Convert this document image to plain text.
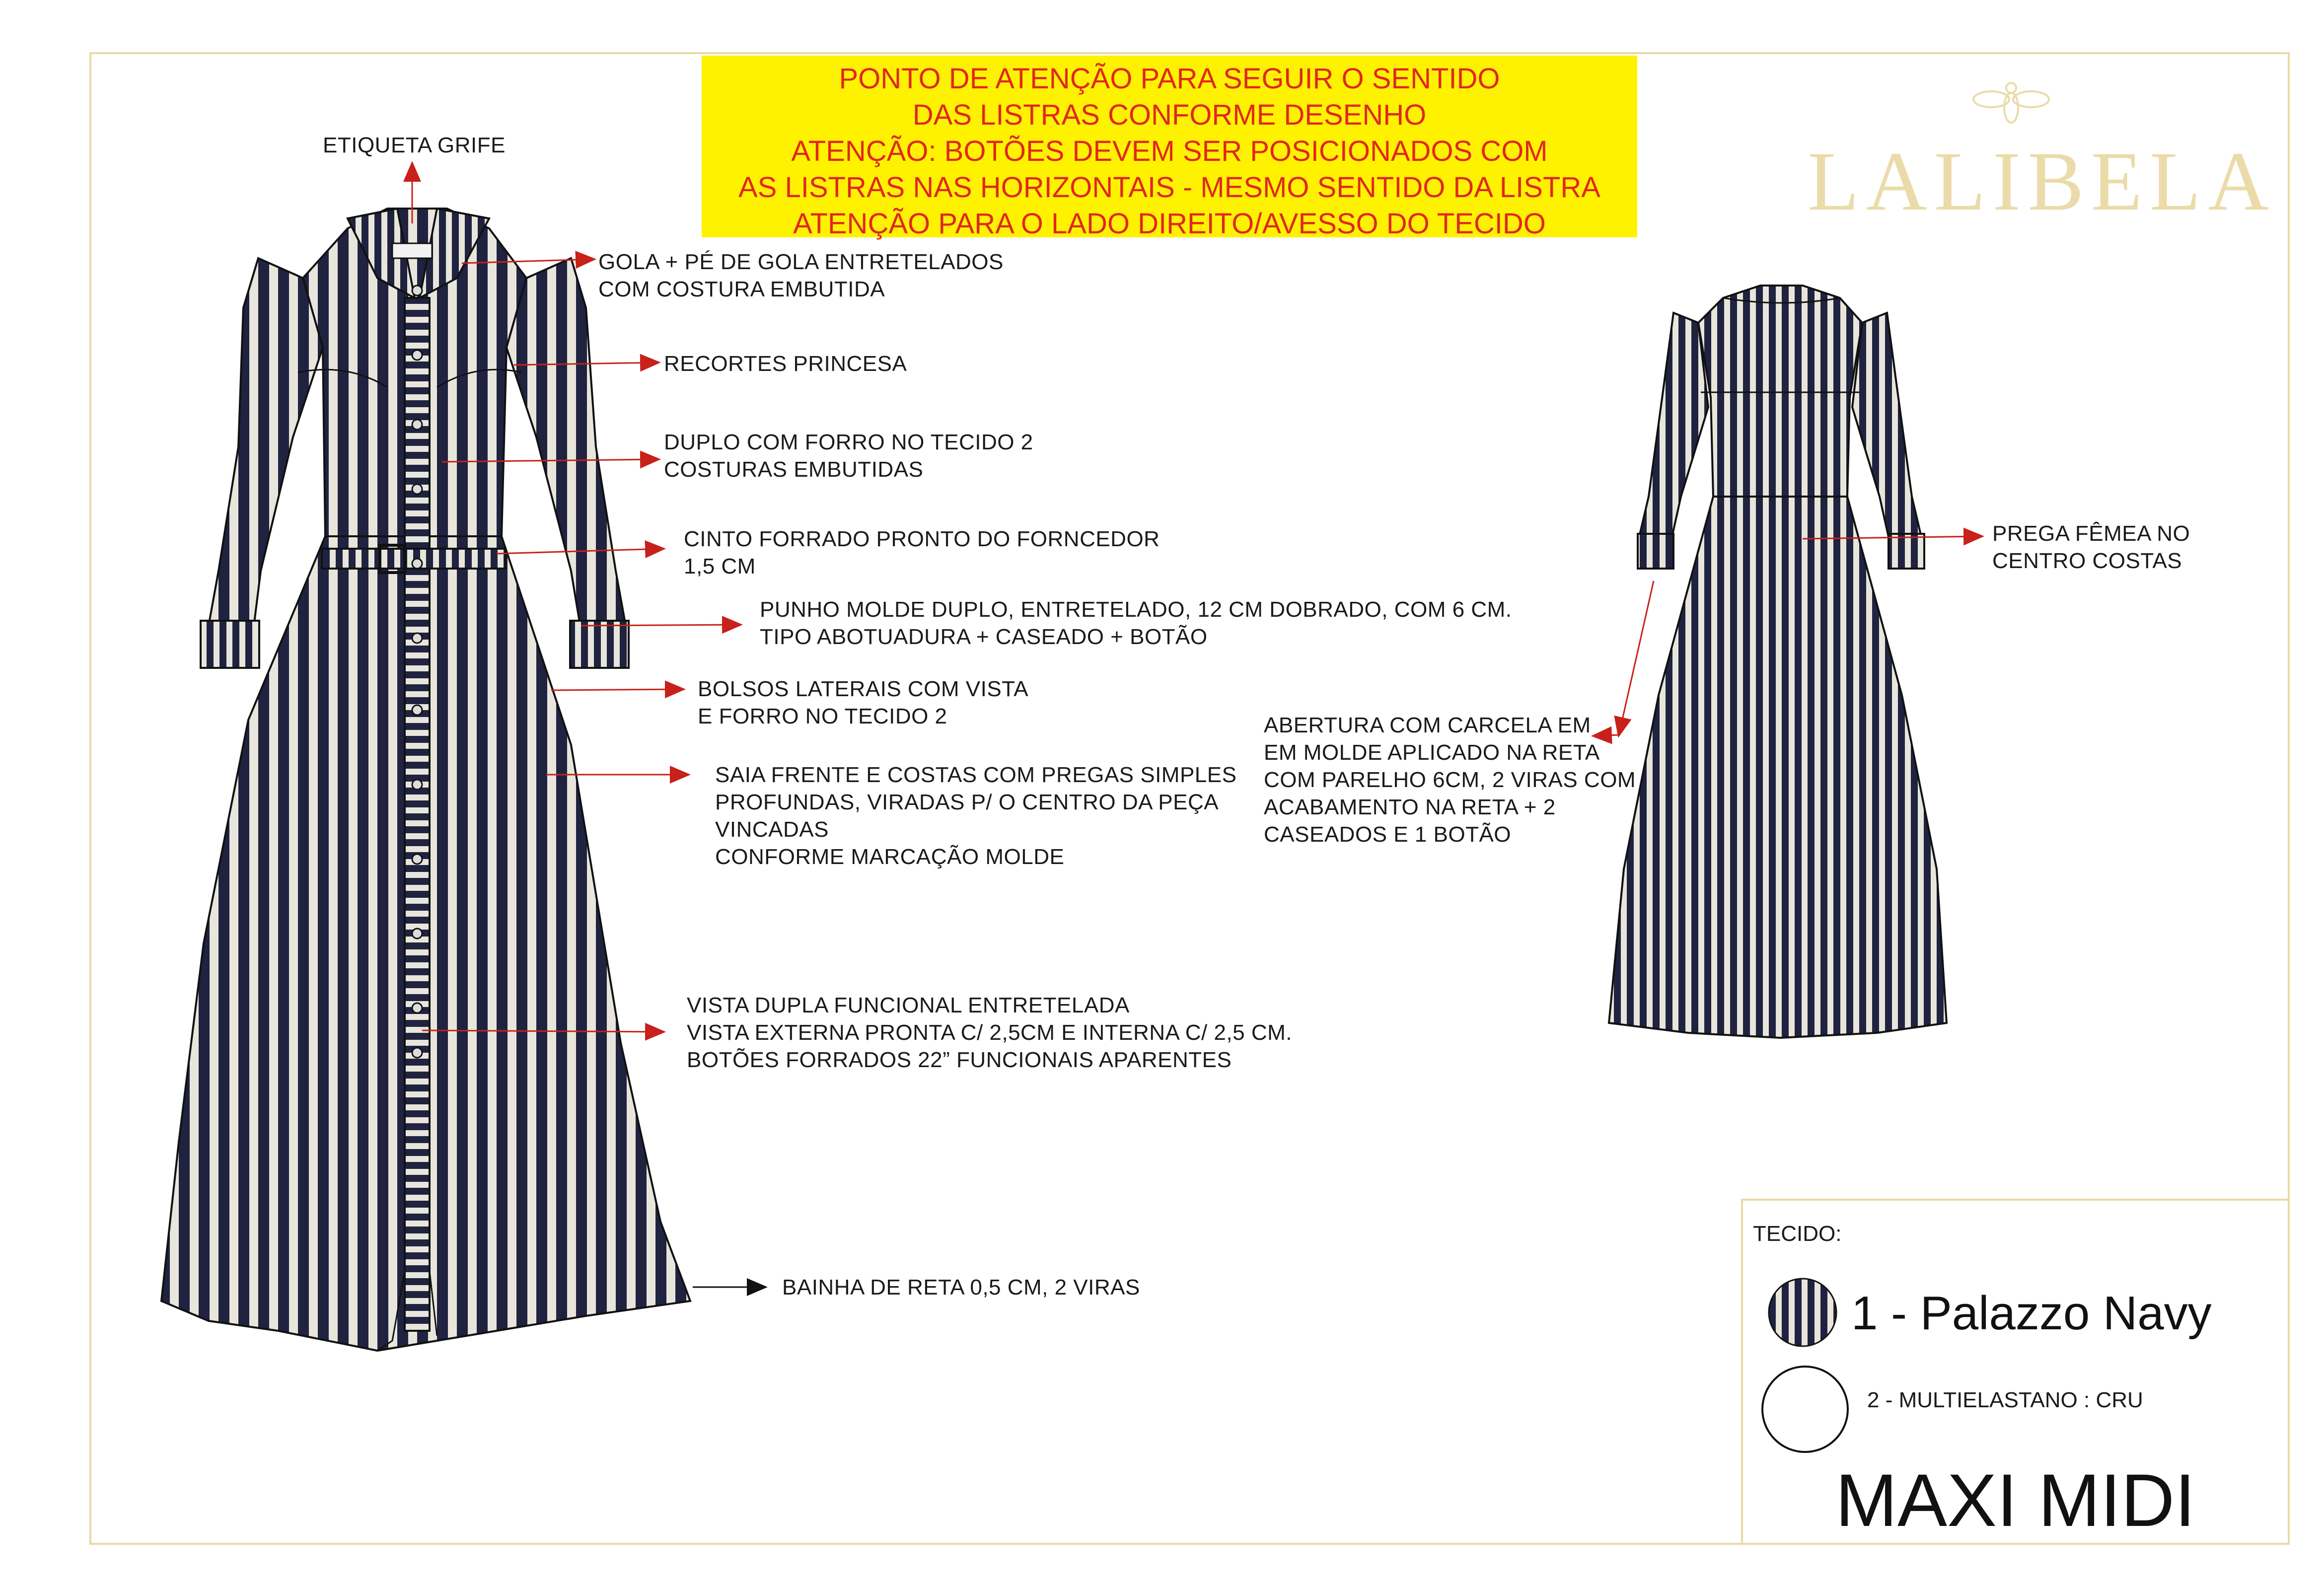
PONTO DE ATENÇÃO PARA SEGUIR O SENTIDO
DAS LISTRAS CONFORME DESENHO
ATENÇÃO: BOTÕES DEVEM SER POSICIONADOS COM
AS LISTRAS NAS HORIZONTAIS - MESMO SENTIDO DA LISTRA
ATENÇÃO PARA O LADO DIREITO/AVESSO DO TECIDO	LALIBELA
ETIQUETA GRIFE
GOLA + PÉ DE GOLA ENTRETELADOS
COM COSTURA EMBUTIDA
RECORTES PRINCESA
DUPLO COM FORRO NO TECIDO 2
COSTURAS EMBUTIDAS
CINTO FORRADO PRONTO DO FORNCEDOR
1,5 CM
PUNHO MOLDE DUPLO, ENTRETELADO, 12 CM DOBRADO, COM 6 CM.
TIPO ABOTUADURA + CASEADO + BOTÃO
BOLSOS LATERAIS COM VISTA
E FORRO NO TECIDO 2
SAIA FRENTE E COSTAS COM PREGAS SIMPLES
PROFUNDAS, VIRADAS P/ O CENTRO DA PEÇA
VINCADAS
CONFORME MARCAÇÃO MOLDE
VISTA DUPLA FUNCIONAL ENTRETELADA
VISTA EXTERNA PRONTA C/ 2,5CM E INTERNA C/ 2,5 CM.
BOTÕES FORRADOS 22” FUNCIONAIS APARENTES
BAINHA DE RETA 0,5 CM, 2 VIRAS
PREGA FÊMEA NO
CENTRO COSTAS
ABERTURA COM CARCELA EM
EM MOLDE APLICADO NA RETA
COM PARELHO 6CM, 2 VIRAS COM
ACABAMENTO NA RETA + 2
CASEADOS E 1 BOTÃO
TECIDO:
1 - Palazzo Navy
2 - MULTIELASTANO : CRU
MAXI MIDI
